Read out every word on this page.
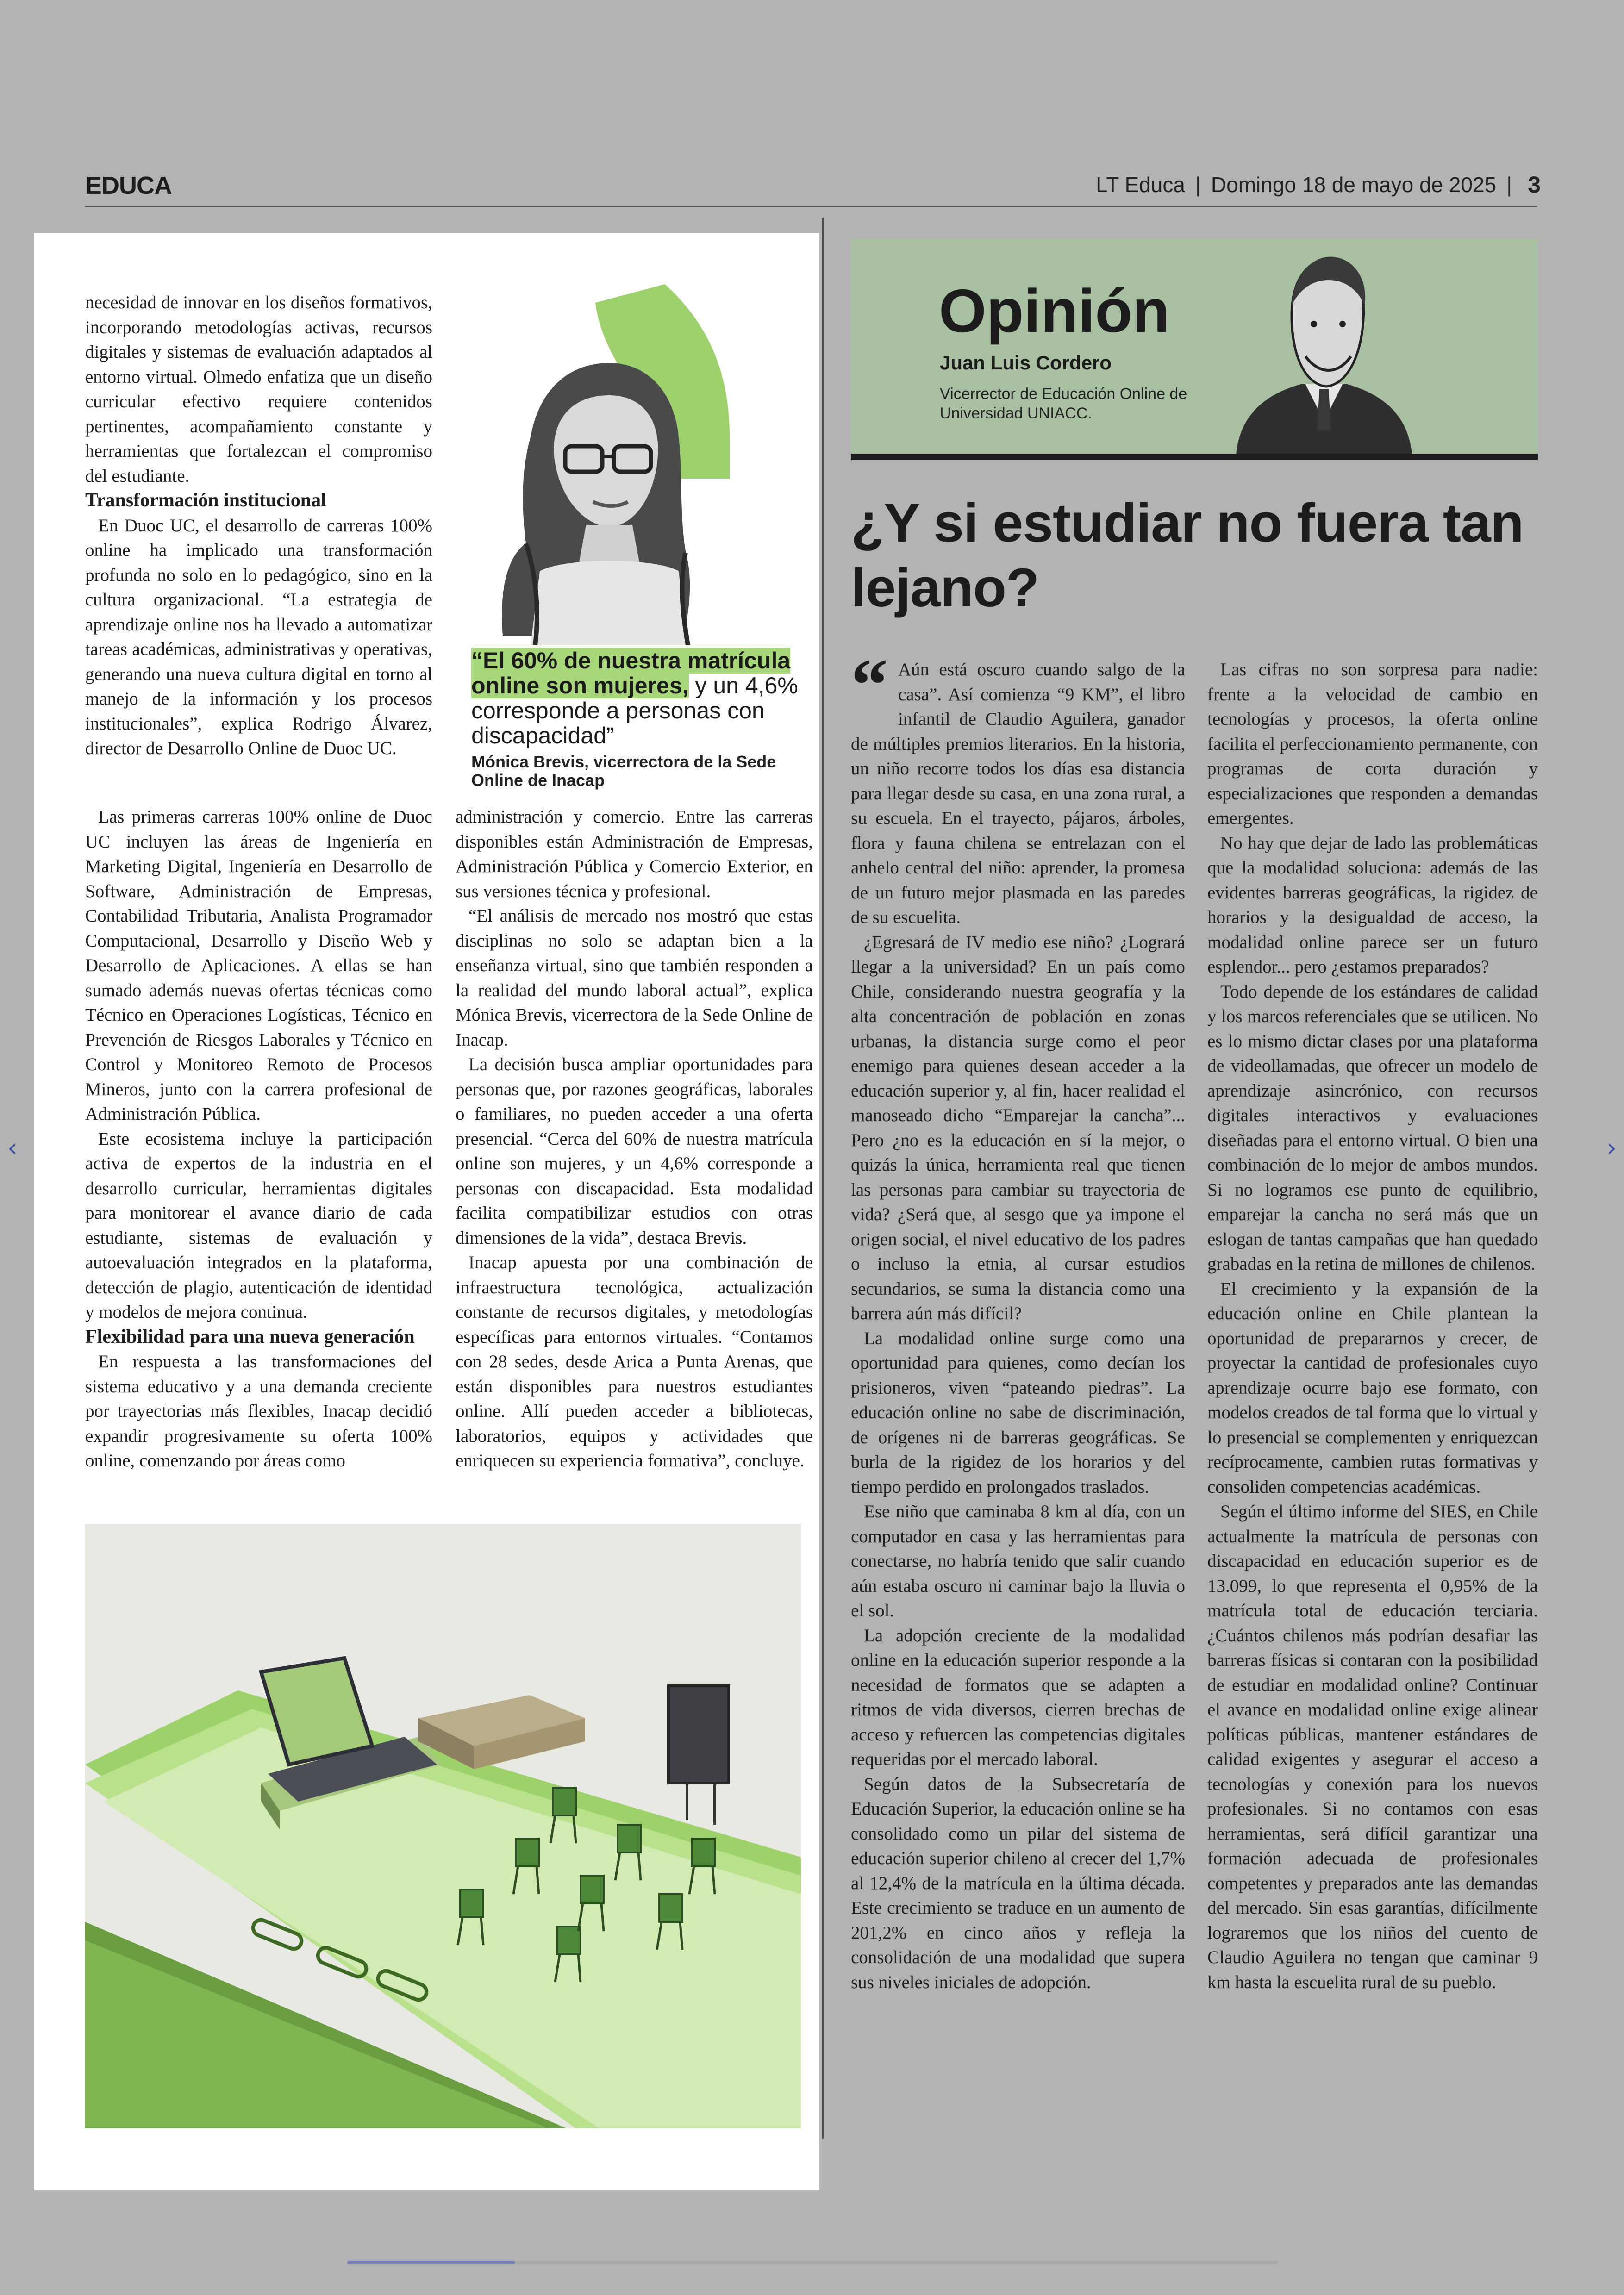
EDUCA	LT Educa | Domingo 18 de mayo de 2025 | 3

necesidad de innovar en los diseños formativos, incorporando metodologías activas, recursos digitales y sistemas de evaluación adaptados al entorno virtual. Olmedo enfatiza que un diseño curricular efectivo requiere contenidos pertinentes, acompañamiento constante y herramientas que fortalezcan el compromiso del estudiante.

Transformación institucional

En Duoc UC, el desarrollo de carreras 100% online ha implicado una transformación profunda no solo en lo pedagógico, sino en la cultura organizacional. “La estrategia de aprendizaje online nos ha llevado a automatizar tareas académicas, administrativas y operativas, generando una nueva cultura digital en torno al manejo de la información y los procesos institucionales”, explica Rodrigo Álvarez, director de Desarrollo Online de Duoc UC.

Las primeras carreras 100% online de Duoc UC incluyen las áreas de Ingeniería en Marketing Digital, Ingeniería en Desarrollo de Software, Administración de Empresas, Contabilidad Tributaria, Analista Programador Computacional, Desarrollo y Diseño Web y Desarrollo de Aplicaciones. A ellas se han sumado además nuevas ofertas técnicas como Técnico en Operaciones Logísticas, Técnico en Prevención de Riesgos Laborales y Técnico en Control y Monitoreo Remoto de Procesos Mineros, junto con la carrera profesional de Administración Pública.

Este ecosistema incluye la participación activa de expertos de la industria en el desarrollo curricular, herramientas digitales para monitorear el avance diario de cada estudiante, sistemas de evaluación y autoevaluación integrados en la plataforma, detección de plagio, autenticación de identidad y modelos de mejora continua.

Flexibilidad para una nueva generación

En respuesta a las transformaciones del sistema educativo y a una demanda creciente por trayectorias más flexibles, Inacap decidió expandir progresivamente su oferta 100% online, comenzando por áreas como

administración y comercio. Entre las carreras disponibles están Administración de Empresas, Administración Pública y Comercio Exterior, en sus versiones técnica y profesional.

“El análisis de mercado nos mostró que estas disciplinas no solo se adaptan bien a la enseñanza virtual, sino que también responden a la realidad del mundo laboral actual”, explica Mónica Brevis, vicerrectora de la Sede Online de Inacap.

La decisión busca ampliar oportunidades para personas que, por razones geográficas, laborales o familiares, no pueden acceder a una oferta presencial. “Cerca del 60% de nuestra matrícula online son mujeres, y un 4,6% corresponde a personas con discapacidad. Esta modalidad facilita compatibilizar estudios con otras dimensiones de la vida”, destaca Brevis.

Inacap apuesta por una combinación de infraestructura tecnológica, actualización constante de recursos digitales, y metodologías específicas para entornos virtuales. “Contamos con 28 sedes, desde Arica a Punta Arenas, que están disponibles para nuestros estudiantes online. Allí pueden acceder a bibliotecas, laboratorios, equipos y actividades que enriquecen su experiencia formativa”, concluye.

“El 60% de nuestra matrícula online son mujeres, y un 4,6% corresponde a personas con discapacidad”
Mónica Brevis, vicerrectora de la Sede Online de Inacap
Opinión
Juan Luis Cordero
Vicerrector de Educación Online de Universidad UNIACC.
¿Y si estudiar no fuera tan lejano?
“ Aún está oscuro cuando salgo de la casa”. Así comienza “9 KM”, el libro infantil de Claudio Aguilera, ganador de múltiples premios literarios. En la historia, un niño recorre todos los días esa distancia para llegar desde su casa, en una zona rural, a su escuela. En el trayecto, pájaros, árboles, flora y fauna chilena se entrelazan con el anhelo central del niño: aprender, la promesa de un futuro mejor plasmada en las paredes de su escuelita.

¿Egresará de IV medio ese niño? ¿Logrará llegar a la universidad? En un país como Chile, considerando nuestra geografía y la alta concentración de población en zonas urbanas, la distancia surge como el peor enemigo para quienes desean acceder a la educación superior y, al fin, hacer realidad el manoseado dicho “Emparejar la cancha”... Pero ¿no es la educación en sí la mejor, o quizás la única, herramienta real que tienen las personas para cambiar su trayectoria de vida? ¿Será que, al sesgo que ya impone el origen social, el nivel educativo de los padres o incluso la etnia, al cursar estudios secundarios, se suma la distancia como una barrera aún más difícil?

La modalidad online surge como una oportunidad para quienes, como decían los prisioneros, viven “pateando piedras”. La educación online no sabe de discriminación, de orígenes ni de barreras geográficas. Se burla de la rigidez de los horarios y del tiempo perdido en prolongados traslados.

Ese niño que caminaba 8 km al día, con un computador en casa y las herramientas para conectarse, no habría tenido que salir cuando aún estaba oscuro ni caminar bajo la lluvia o el sol.

La adopción creciente de la modalidad online en la educación superior responde a la necesidad de formatos que se adapten a ritmos de vida diversos, cierren brechas de acceso y refuercen las competencias digitales requeridas por el mercado laboral.

Según datos de la Subsecretaría de Educación Superior, la educación online se ha consolidado como un pilar del sistema de educación superior chileno al crecer del 1,7% al 12,4% de la matrícula en la última década. Este crecimiento se traduce en un aumento de 201,2% en cinco años y refleja la consolidación de una modalidad que supera sus niveles iniciales de adopción.

Las cifras no son sorpresa para nadie: frente a la velocidad de cambio en tecnologías y procesos, la oferta online facilita el perfeccionamiento permanente, con programas de corta duración y especializaciones que responden a demandas emergentes.

No hay que dejar de lado las problemáticas que la modalidad soluciona: además de las evidentes barreras geográficas, la rigidez de horarios y la desigualdad de acceso, la modalidad online parece ser un futuro esplendor... pero ¿estamos preparados?

Todo depende de los estándares de calidad y los marcos referenciales que se utilicen. No es lo mismo dictar clases por una plataforma de videollamadas, que ofrecer un modelo de aprendizaje asincrónico, con recursos digitales interactivos y evaluaciones diseñadas para el entorno virtual. O bien una combinación de lo mejor de ambos mundos. Si no logramos ese punto de equilibrio, emparejar la cancha no será más que un eslogan de tantas campañas que han quedado grabadas en la retina de millones de chilenos.

El crecimiento y la expansión de la educación online en Chile plantean la oportunidad de prepararnos y crecer, de proyectar la cantidad de profesionales cuyo aprendizaje ocurre bajo ese formato, con modelos creados de tal forma que lo virtual y lo presencial se complementen y enriquezcan recíprocamente, cambien rutas formativas y consoliden competencias académicas.

Según el último informe del SIES, en Chile actualmente la matrícula de personas con discapacidad en educación superior es de 13.099, lo que representa el 0,95% de la matrícula total de educación terciaria. ¿Cuántos chilenos más podrían desafiar las barreras físicas si contaran con la posibilidad de estudiar en modalidad online? Continuar el avance en modalidad online exige alinear políticas públicas, mantener estándares de calidad exigentes y asegurar el acceso a tecnologías y conexión para los nuevos profesionales. Si no contamos con esas herramientas, será difícil garantizar una formación adecuada de profesionales competentes y preparados ante las demandas del mercado. Sin esas garantías, difícilmente lograremos que los niños del cuento de Claudio Aguilera no tengan que caminar 9 km hasta la escuelita rural de su pueblo.

‹	›
